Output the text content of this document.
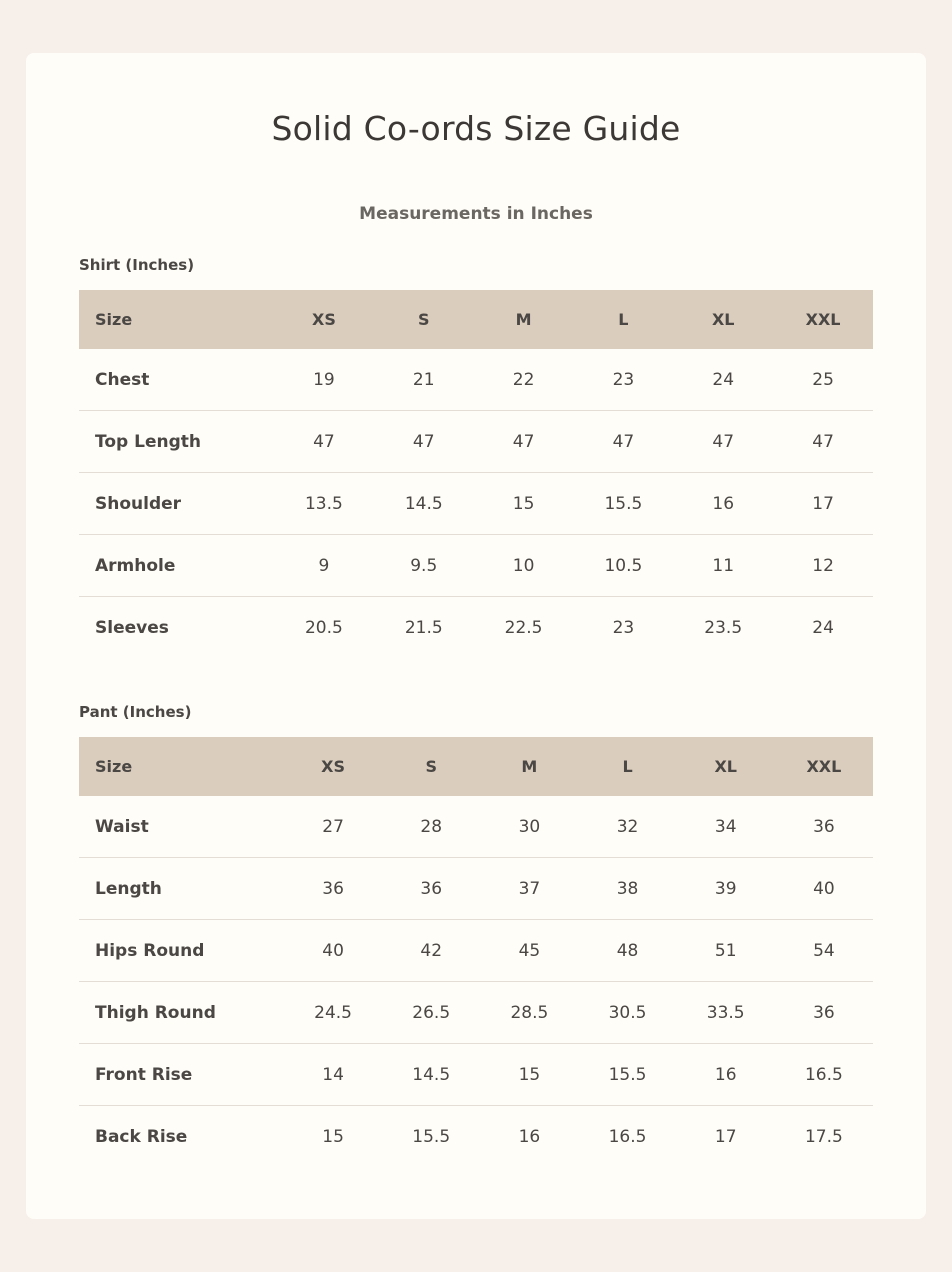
Solid Co-ords Size Guide
Measurements in Inches
Shirt (Inches)
Size	XS	S	M	L	XL	XXL
Chest	19	21	22	23	24	25
Top Length	47	47	47	47	47	47
Shoulder	13.5	14.5	15	15.5	16	17
Armhole	9	9.5	10	10.5	11	12
Sleeves	20.5	21.5	22.5	23	23.5	24
Pant (Inches)
Size	XS	S	M	L	XL	XXL
Waist	27	28	30	32	34	36
Length	36	36	37	38	39	40
Hips Round	40	42	45	48	51	54
Thigh Round	24.5	26.5	28.5	30.5	33.5	36
Front Rise	14	14.5	15	15.5	16	16.5
Back Rise	15	15.5	16	16.5	17	17.5
